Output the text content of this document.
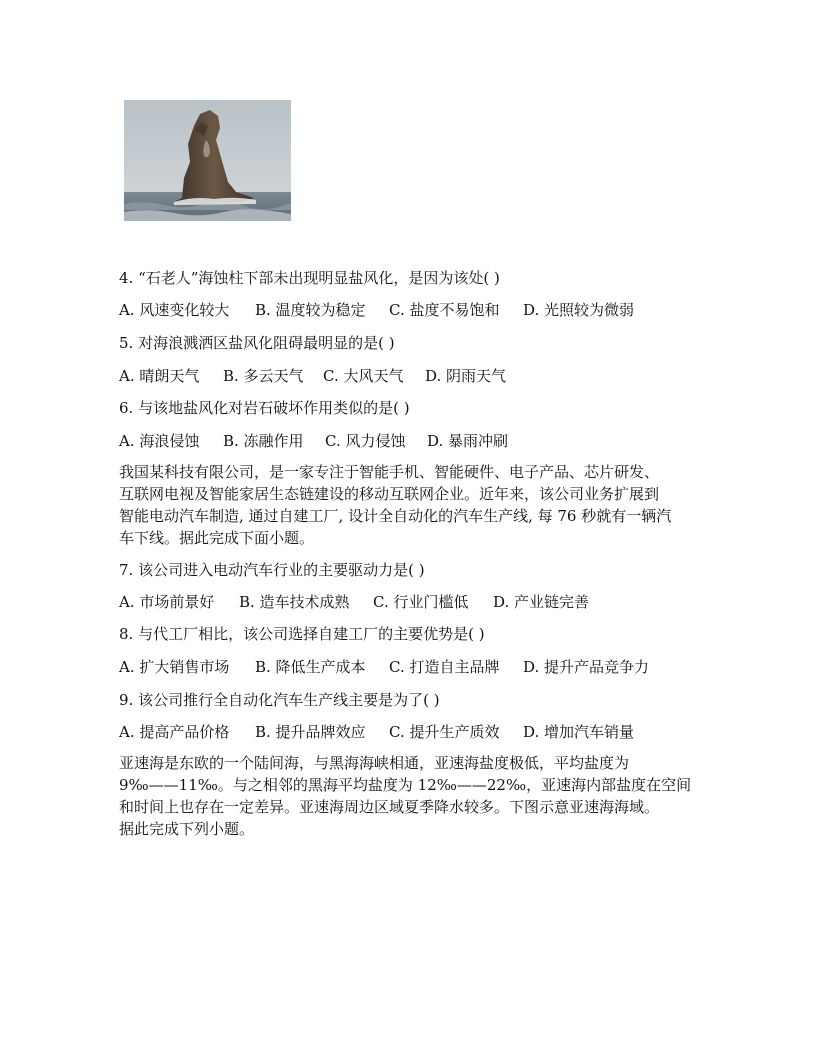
4. “石老人”海蚀柱下部未出现明显盐风化，是因为该处( )
A. 风速变化较大 B. 温度较为稳定 C. 盐度不易饱和 D. 光照较为微弱
5. 对海浪溅洒区盐风化阻碍最明显的是( )
A. 晴朗天气 B. 多云天气 C. 大风天气 D. 阴雨天气
6. 与该地盐风化对岩石破坏作用类似的是( )
A. 海浪侵蚀 B. 冻融作用 C. 风力侵蚀 D. 暴雨冲刷
我国某科技有限公司，是一家专注于智能手机、智能硬件、电子产品、芯片研发、
互联网电视及智能家居生态链建设的移动互联网企业。近年来，该公司业务扩展到
智能电动汽车制造, 通过自建工厂, 设计全自动化的汽车生产线, 每 76 秒就有一辆汽
车下线。据此完成下面小题。
7. 该公司进入电动汽车行业的主要驱动力是( )
A. 市场前景好 B. 造车技术成熟 C. 行业门槛低 D. 产业链完善
8. 与代工厂相比，该公司选择自建工厂的主要优势是( )
A. 扩大销售市场 B. 降低生产成本 C. 打造自主品牌 D. 提升产品竞争力
9. 该公司推行全自动化汽车生产线主要是为了( )
A. 提高产品价格 B. 提升品牌效应 C. 提升生产质效 D. 增加汽车销量
亚速海是东欧的一个陆间海，与黑海海峡相通，亚速海盐度极低，平均盐度为
9‰——11‰。与之相邻的黑海平均盐度为 12‰——22‰，亚速海内部盐度在空间
和时间上也存在一定差异。亚速海周边区域夏季降水较多。下图示意亚速海海域。
据此完成下列小题。
